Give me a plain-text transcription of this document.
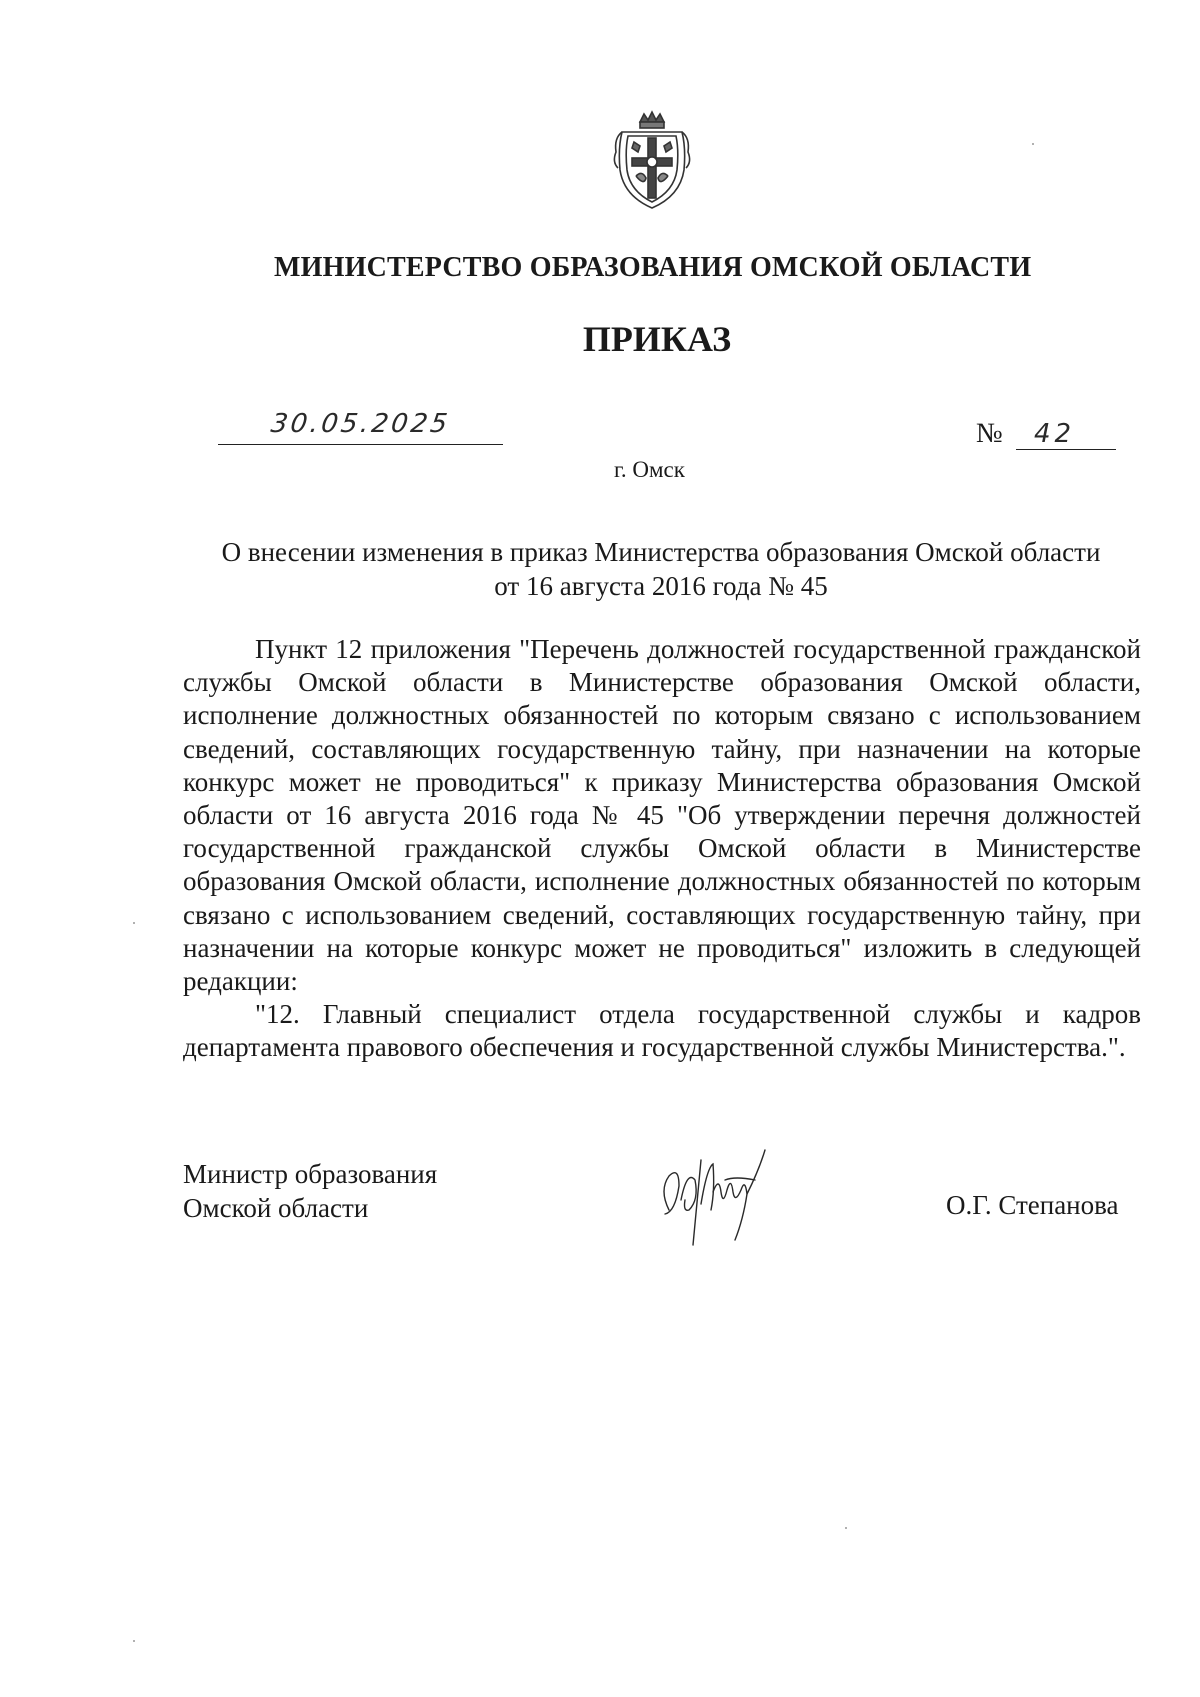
МИНИСТЕРСТВО ОБРАЗОВАНИЯ ОМСКОЙ ОБЛАСТИ
ПРИКАЗ
30.05.2025	№	42
г. Омск
О внесении изменения в приказ Министерства образования Омской области
от 16 августа 2016 года № 45

Пункт 12 приложения "Перечень должностей государственной гражданской службы Омской области в Министерстве образования Омской области, исполнение должностных обязанностей по которым связано с использованием сведений, составляющих государственную тайну, при назначении на которые конкурс может не проводиться" к приказу Министерства образования Омской области от 16 августа 2016 года № 45 "Об утверждении перечня должностей государственной гражданской службы Омской области в Министерстве образования Омской области, исполнение должностных обязанностей по которым связано с использованием сведений, составляющих государственную тайну, при назначении на которые конкурс может не проводиться" изложить в следующей редакции:

"12. Главный специалист отдела государственной службы и кадров департамента правового обеспечения и государственной службы Министерства.".

Министр образования
Омской области	О.Г. Степанова
